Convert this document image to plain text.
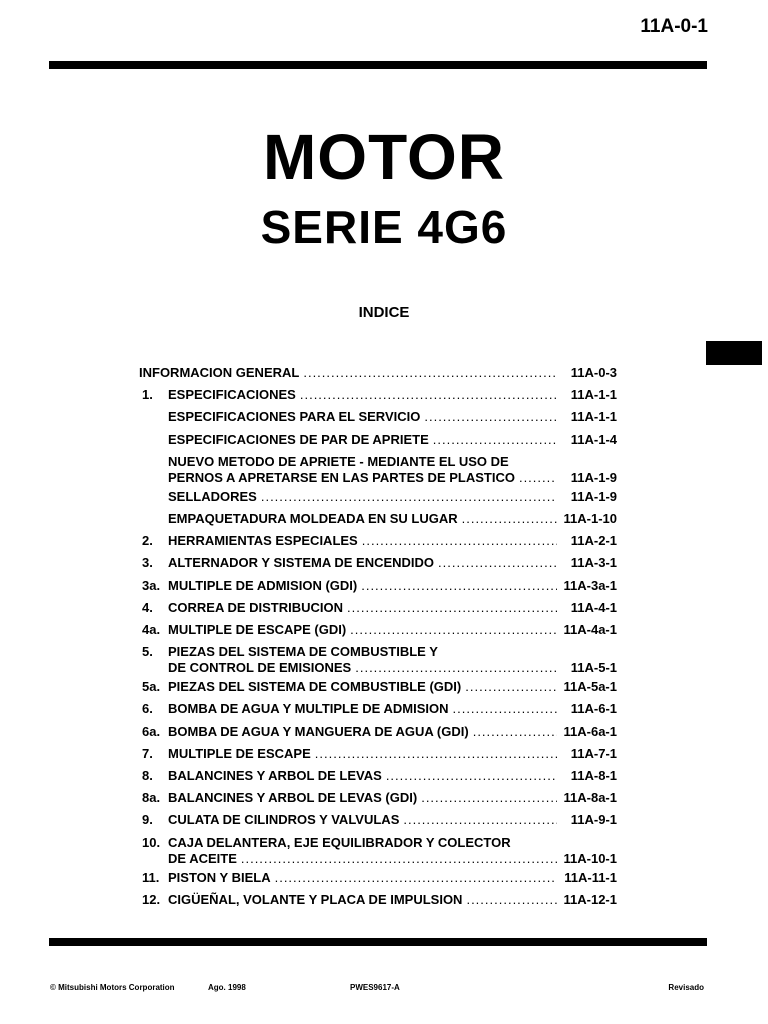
11A-0-1
MOTOR
SERIE 4G6
INDICE
INFORMACION GENERAL .....	11A-0-3
1. ESPECIFICACIONES .....	11A-1-1
ESPECIFICACIONES PARA EL SERVICIO .....	11A-1-1
ESPECIFICACIONES DE PAR DE APRIETE .....	11A-1-4
NUEVO METODO DE APRIETE - MEDIANTE EL USO DE
PERNOS A APRETARSE EN LAS PARTES DE PLASTICO .....	11A-1-9
SELLADORES .....	11A-1-9
EMPAQUETADURA MOLDEADA EN SU LUGAR .....	11A-1-10
2. HERRAMIENTAS ESPECIALES .....	11A-2-1
3. ALTERNADOR Y SISTEMA DE ENCENDIDO .....	11A-3-1
3a. MULTIPLE DE ADMISION (GDI) .....	11A-3a-1
4. CORREA DE DISTRIBUCION .....	11A-4-1
4a. MULTIPLE DE ESCAPE (GDI) .....	11A-4a-1
5. PIEZAS DEL SISTEMA DE COMBUSTIBLE Y
DE CONTROL DE EMISIONES .....	11A-5-1
5a. PIEZAS DEL SISTEMA DE COMBUSTIBLE (GDI) .....	11A-5a-1
6. BOMBA DE AGUA Y MULTIPLE DE ADMISION .....	11A-6-1
6a. BOMBA DE AGUA Y MANGUERA DE AGUA (GDI) .....	11A-6a-1
7. MULTIPLE DE ESCAPE .....	11A-7-1
8. BALANCINES Y ARBOL DE LEVAS .....	11A-8-1
8a. BALANCINES Y ARBOL DE LEVAS (GDI) .....	11A-8a-1
9. CULATA DE CILINDROS Y VALVULAS .....	11A-9-1
10. CAJA DELANTERA, EJE EQUILIBRADOR Y COLECTOR
DE ACEITE .....	11A-10-1
11. PISTON Y BIELA .....	11A-11-1
12. CIGÜEÑAL, VOLANTE Y PLACA DE IMPULSION .....	11A-12-1
© Mitsubishi Motors Corporation	Ago. 1998	PWES9617-A	Revisado
